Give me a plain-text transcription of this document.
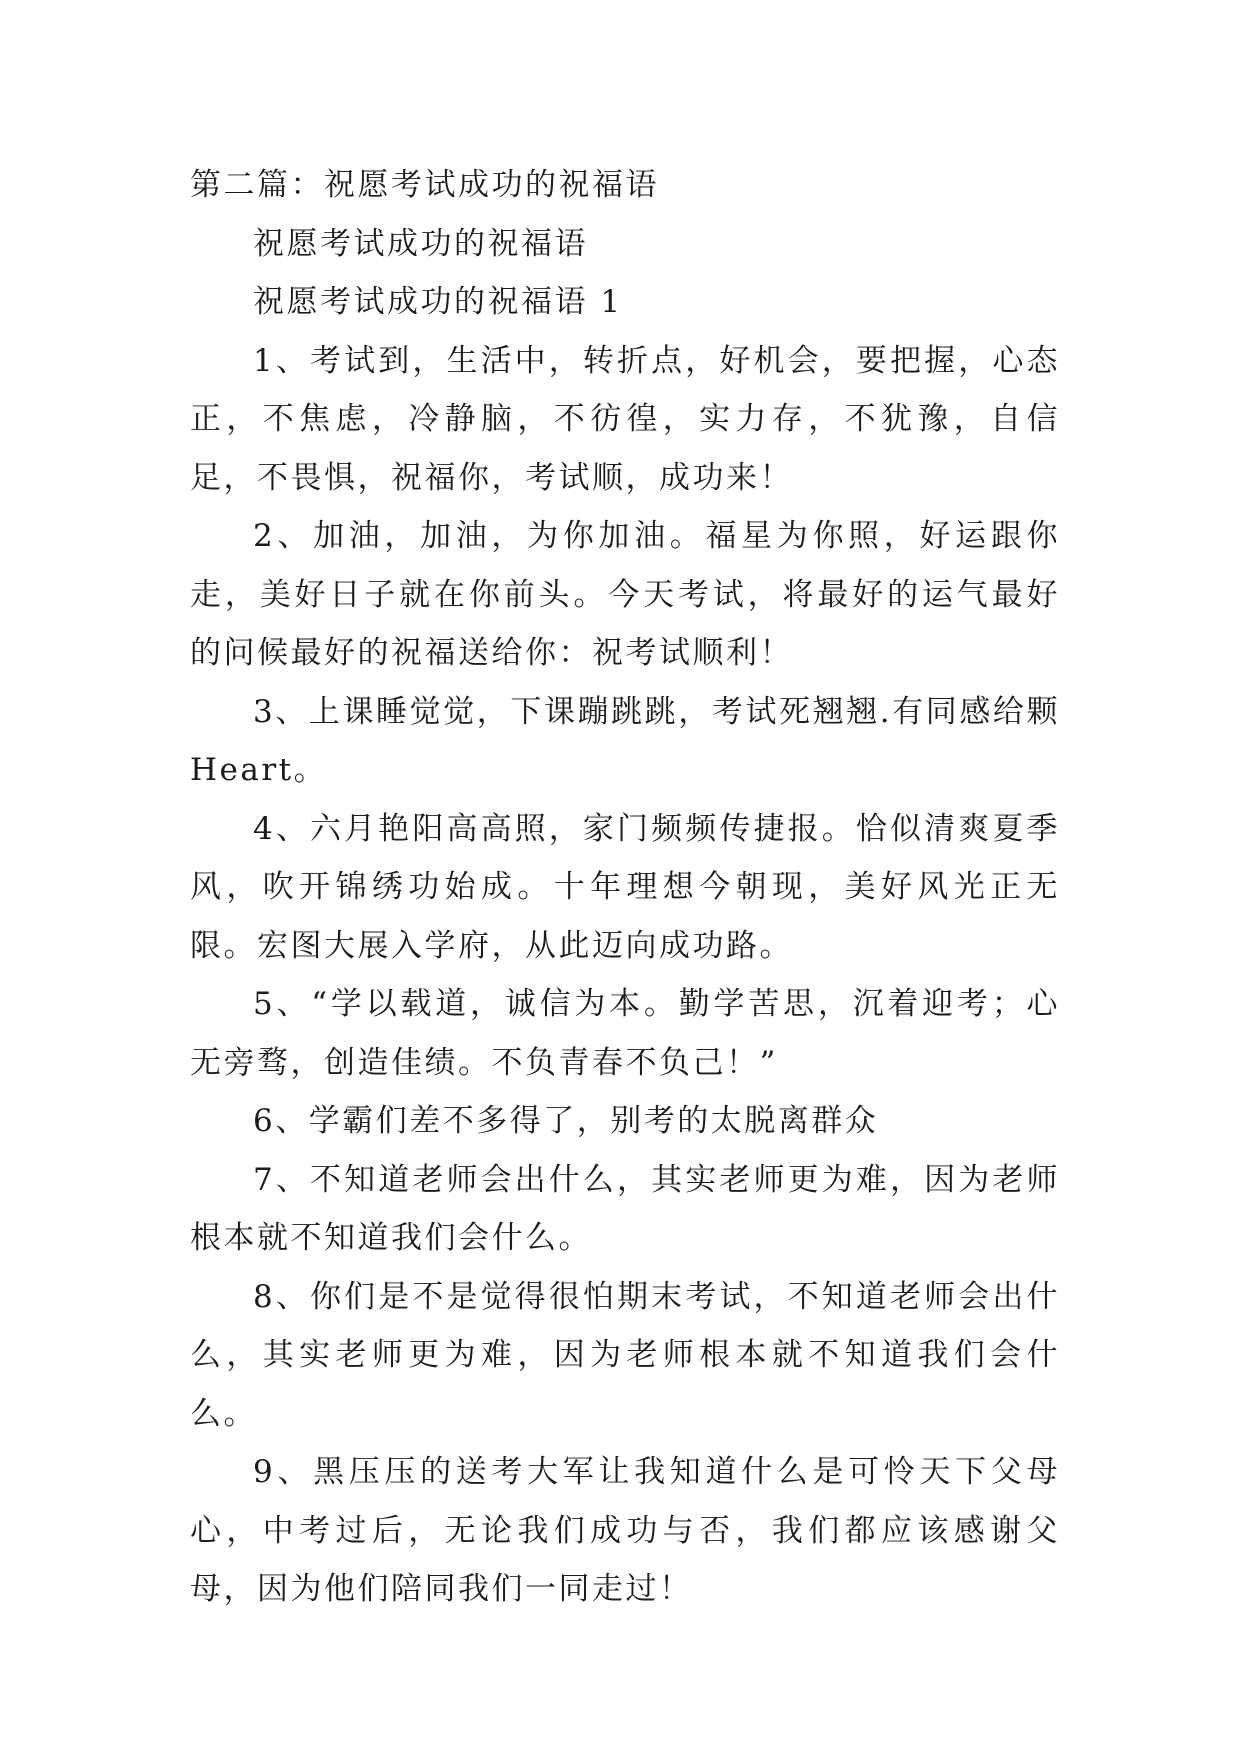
第二篇：祝愿考试成功的祝福语

祝愿考试成功的祝福语

祝愿考试成功的祝福语 1

1、考试到，生活中，转折点，好机会，要把握，心态正，不焦虑，冷静脑，不彷徨，实力存，不犹豫，自信足，不畏惧，祝福你，考试顺，成功来！

2、加油，加油，为你加油。福星为你照，好运跟你走，美好日子就在你前头。今天考试，将最好的运气最好的问候最好的祝福送给你：祝考试顺利！

3、上课睡觉觉，下课蹦跳跳，考试死翘翘.有同感给颗Heart。

4、六月艳阳高高照，家门频频传捷报。恰似清爽夏季风，吹开锦绣功始成。十年理想今朝现，美好风光正无限。宏图大展入学府，从此迈向成功路。

5、“学以载道，诚信为本。勤学苦思，沉着迎考；心无旁骛，创造佳绩。不负青春不负己！”

6、学霸们差不多得了，别考的太脱离群众

7、不知道老师会出什么，其实老师更为难，因为老师根本就不知道我们会什么。

8、你们是不是觉得很怕期末考试，不知道老师会出什么，其实老师更为难，因为老师根本就不知道我们会什么。

9、黑压压的送考大军让我知道什么是可怜天下父母心，中考过后，无论我们成功与否，我们都应该感谢父母，因为他们陪同我们一同走过！
